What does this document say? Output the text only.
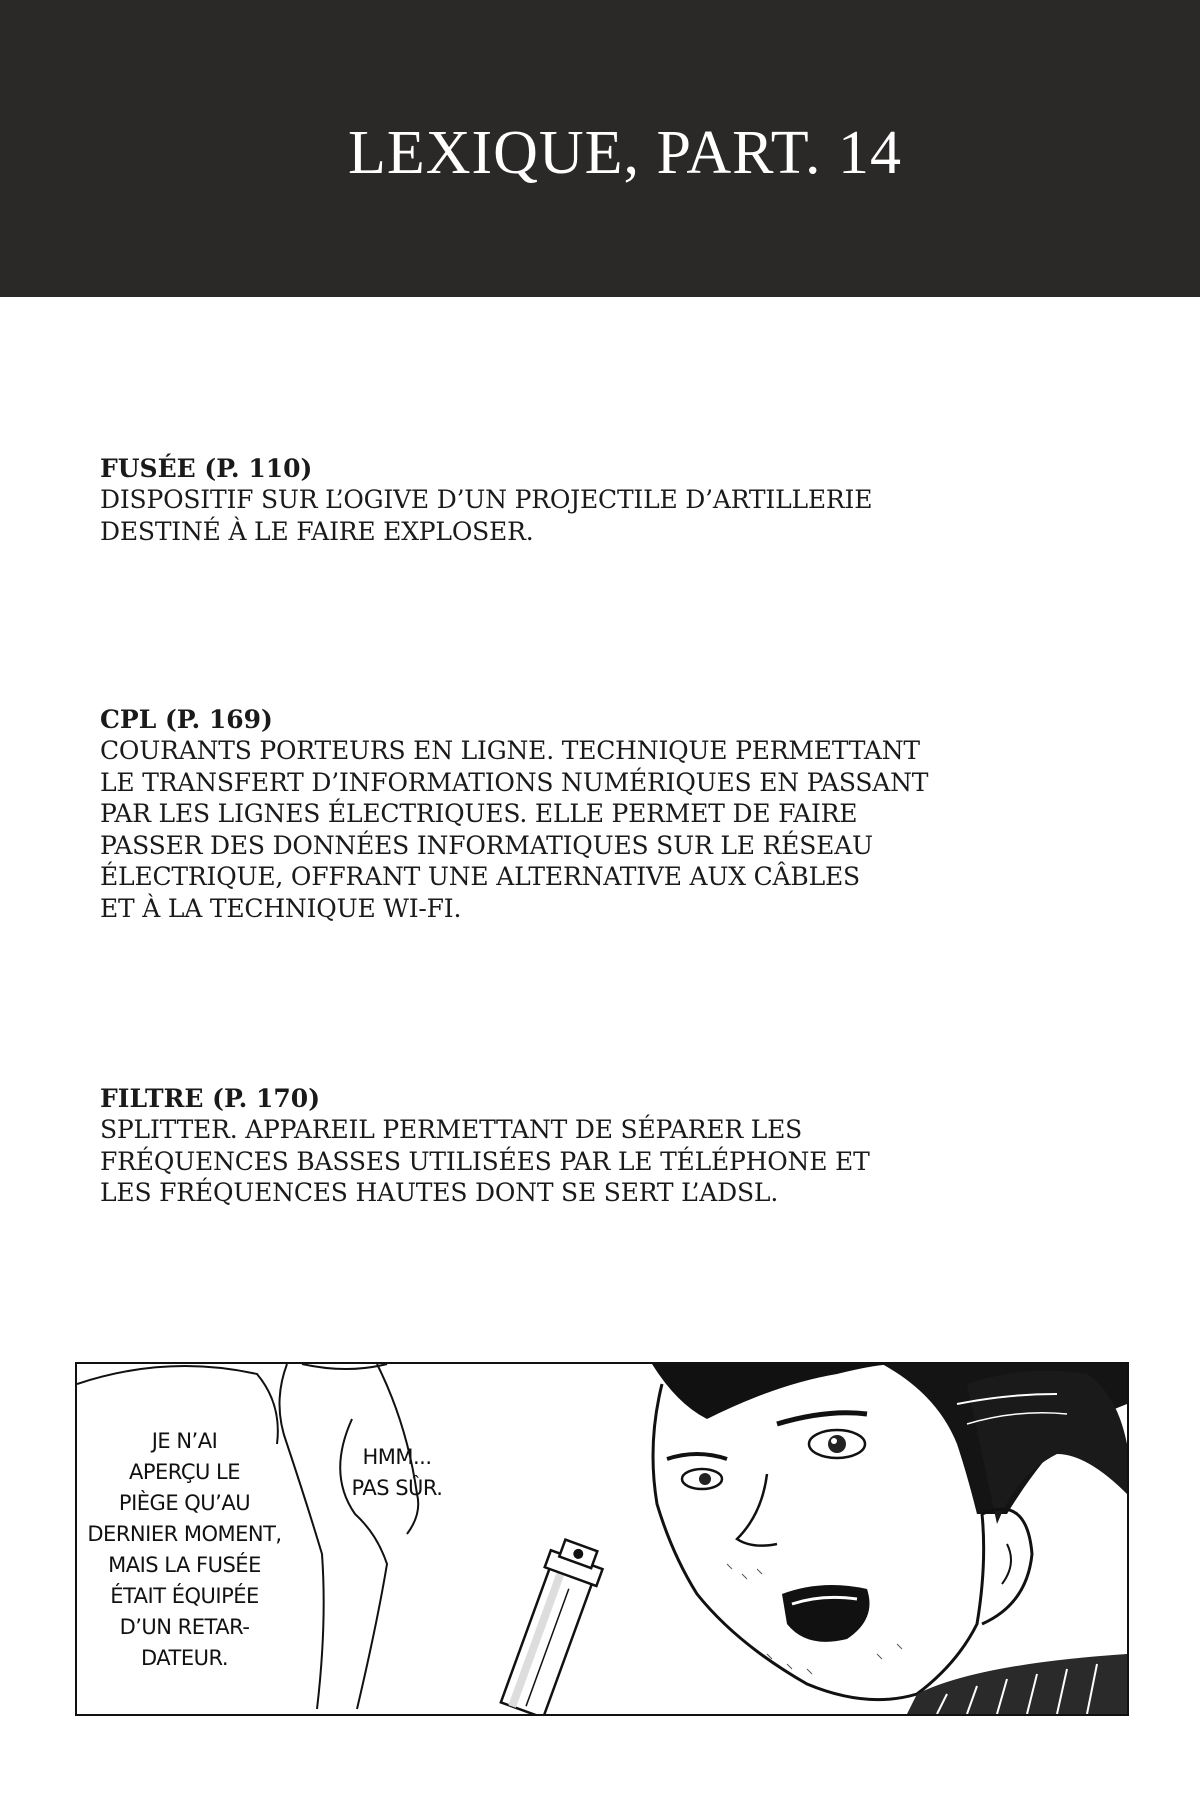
LEXIQUE, PART. 14
FUSÉE (P. 110)
DISPOSITIF SUR L’OGIVE D’UN PROJECTILE D’ARTILLERIE
DESTINÉ À LE FAIRE EXPLOSER.
CPL (P. 169)
COURANTS PORTEURS EN LIGNE. TECHNIQUE PERMETTANT
LE TRANSFERT D’INFORMATIONS NUMÉRIQUES EN PASSANT
PAR LES LIGNES ÉLECTRIQUES. ELLE PERMET DE FAIRE
PASSER DES DONNÉES INFORMATIQUES SUR LE RÉSEAU
ÉLECTRIQUE, OFFRANT UNE ALTERNATIVE AUX CÂBLES
ET À LA TECHNIQUE WI-FI.
FILTRE (P. 170)
SPLITTER. APPAREIL PERMETTANT DE SÉPARER LES
FRÉQUENCES BASSES UTILISÉES PAR LE TÉLÉPHONE ET
LES FRÉQUENCES HAUTES DONT SE SERT L’ADSL.
JE N’AI
APERÇU LE
PIÈGE QU’AU
DERNIER MOMENT,
MAIS LA FUSÉE
ÉTAIT ÉQUIPÉE
D’UN RETAR-
DATEUR.
HMM...
PAS SÛR.
